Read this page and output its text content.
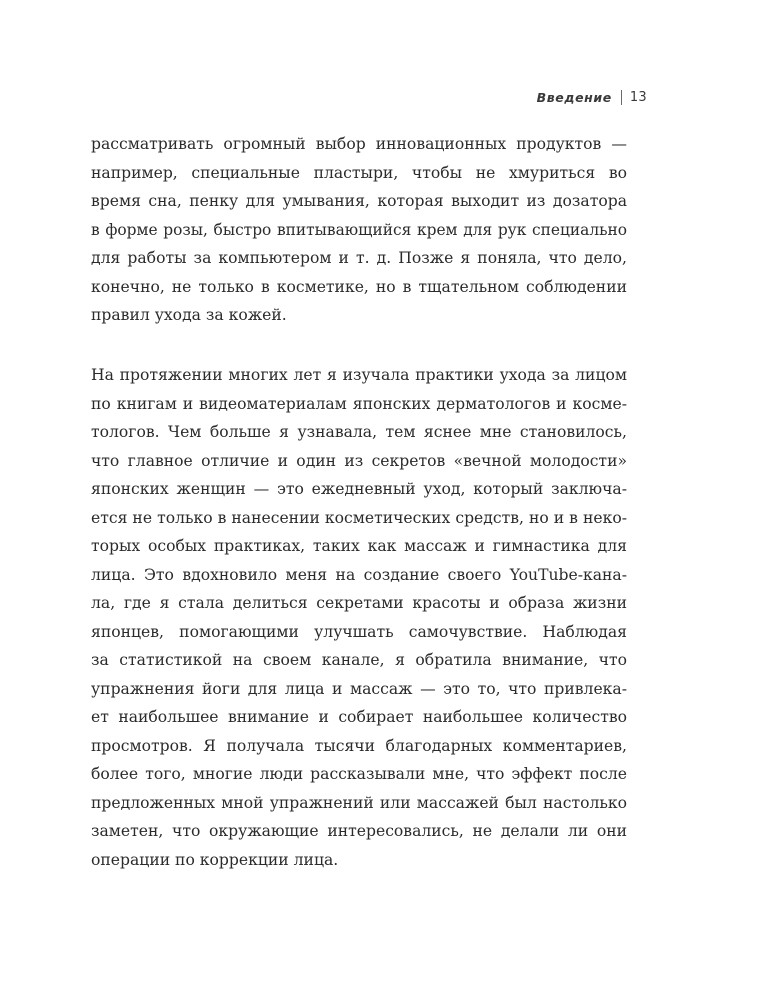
Введение 13
рассматривать огромный выбор инновационных продуктов —
например, специальные пластыри, чтобы не хмуриться во
время сна, пенку для умывания, которая выходит из дозатора
в форме розы, быстро впитывающийся крем для рук специально
для работы за компьютером и т. д. Позже я поняла, что дело,
конечно, не только в косметике, но в тщательном соблюдении
правил ухода за кожей.
На протяжении многих лет я изучала практики ухода за лицом
по книгам и видеоматериалам японских дерматологов и косме-
тологов. Чем больше я узнавала, тем яснее мне становилось,
что главное отличие и один из секретов «вечной молодости»
японских женщин — это ежедневный уход, который заключа-
ется не только в нанесении косметических средств, но и в неко-
торых особых практиках, таких как массаж и гимнастика для
лица. Это вдохновило меня на создание своего YouTube-кана-
ла, где я стала делиться секретами красоты и образа жизни
японцев, помогающими улучшать самочувствие. Наблюдая
за статистикой на своем канале, я обратила внимание, что
упражнения йоги для лица и массаж — это то, что привлека-
ет наибольшее внимание и собирает наибольшее количество
просмотров. Я получала тысячи благодарных комментариев,
более того, многие люди рассказывали мне, что эффект после
предложенных мной упражнений или массажей был настолько
заметен, что окружающие интересовались, не делали ли они
операции по коррекции лица.
